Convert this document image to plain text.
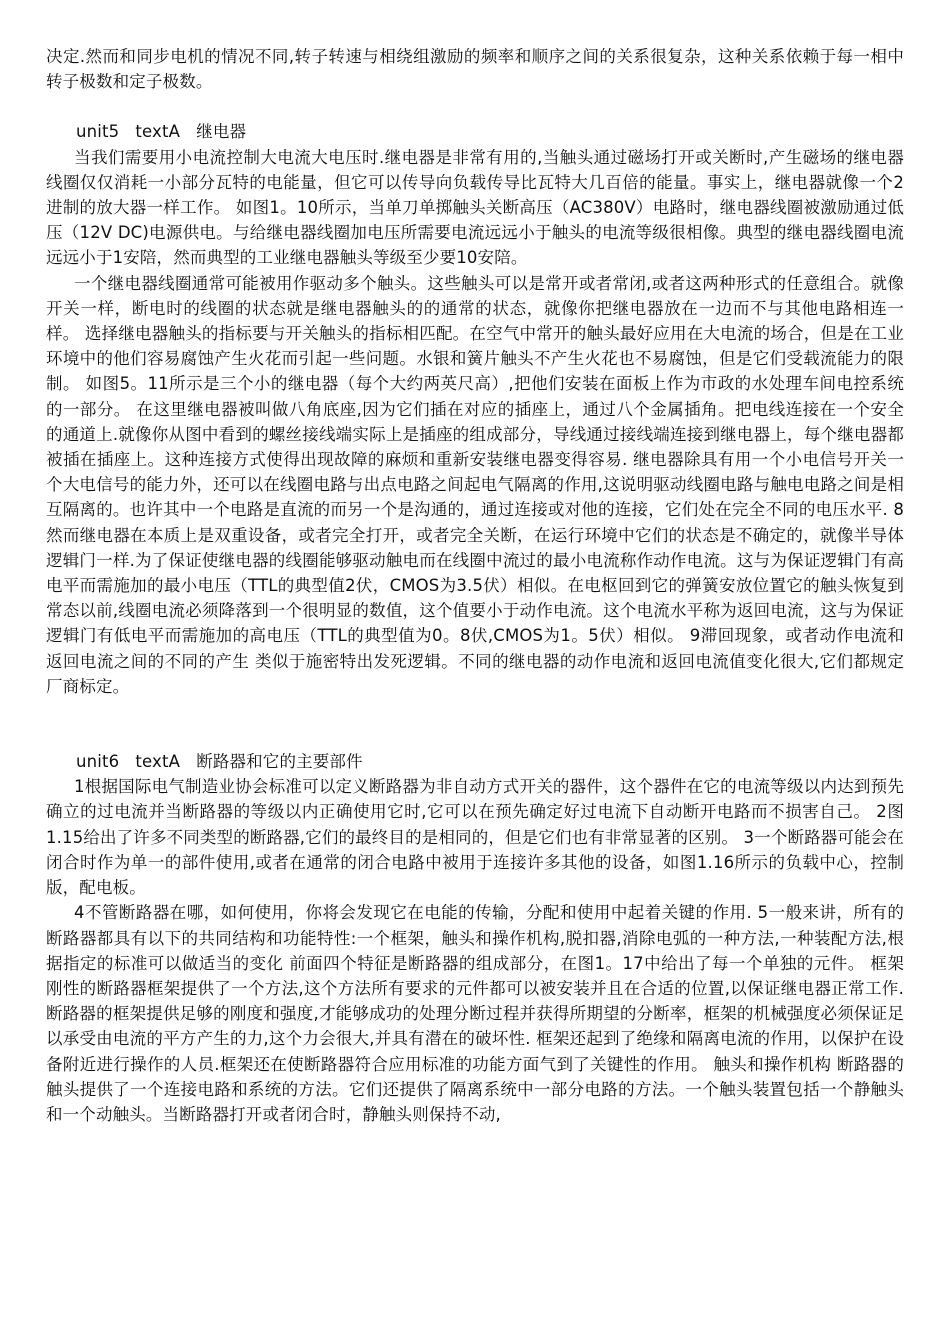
决定.然而和同步电机的情况不同,转子转速与相绕组激励的频率和顺序之间的关系很复杂，这种关系依赖于每一相中转子极数和定子极数。

unit5   textA   继电器

当我们需要用小电流控制大电流大电压时.继电器是非常有用的,当触头通过磁场打开或关断时,产生磁场的继电器线圈仅仅消耗一小部分瓦特的电能量，但它可以传导向负载传导比瓦特大几百倍的能量。事实上，继电器就像一个2进制的放大器一样工作。 如图1。10所示，当单刀单掷触头关断高压（AC380V）电路时，继电器线圈被激励通过低压（12V DC)电源供电。与给继电器线圈加电压所需要电流远远小于触头的电流等级很相像。典型的继电器线圈电流远远小于1安陪，然而典型的工业继电器触头等级至少要10安陪。

一个继电器线圈通常可能被用作驱动多个触头。这些触头可以是常开或者常闭,或者这两种形式的任意组合。就像开关一样，断电时的线圈的状态就是继电器触头的的通常的状态，就像你把继电器放在一边而不与其他电路相连一样。 选择继电器触头的指标要与开关触头的指标相匹配。在空气中常开的触头最好应用在大电流的场合，但是在工业环境中的他们容易腐蚀产生火花而引起一些问题。水银和簧片触头不产生火花也不易腐蚀，但是它们受载流能力的限制。 如图5。11所示是三个小的继电器（每个大约两英尺高）,把他们安装在面板上作为市政的水处理车间电控系统的一部分。 在这里继电器被叫做八角底座,因为它们插在对应的插座上，通过八个金属插角。把电线连接在一个安全的通道上.就像你从图中看到的螺丝接线端实际上是插座的组成部分，导线通过接线端连接到继电器上，每个继电器都被插在插座上。这种连接方式使得出现故障的麻烦和重新安装继电器变得容易. 继电器除具有用一个小电信号开关一个大电信号的能力外，还可以在线圈电路与出点电路之间起电气隔离的作用,这说明驱动线圈电路与触电电路之间是相互隔离的。也许其中一个电路是直流的而另一个是沟通的，通过连接或对他的连接，它们处在完全不同的电压水平. 8然而继电器在本质上是双重设备，或者完全打开，或者完全关断，在运行环境中它们的状态是不确定的，就像半导体逻辑门一样.为了保证使继电器的线圈能够驱动触电而在线圈中流过的最小电流称作动作电流。这与为保证逻辑门有高电平而需施加的最小电压（TTL的典型值2伏，CMOS为3.5伏）相似。在电枢回到它的弹簧安放位置它的触头恢复到常态以前,线圈电流必须降落到一个很明显的数值，这个值要小于动作电流。这个电流水平称为返回电流，这与为保证逻辑门有低电平而需施加的高电压（TTL的典型值为0。8伏,CMOS为1。5伏）相似。 9滞回现象，或者动作电流和返回电流之间的不同的产生 类似于施密特出发死逻辑。不同的继电器的动作电流和返回电流值变化很大,它们都规定厂商标定。

unit6   textA   断路器和它的主要部件

1根据国际电气制造业协会标准可以定义断路器为非自动方式开关的器件，这个器件在它的电流等级以内达到预先确立的过电流并当断路器的等级以内正确使用它时,它可以在预先确定好过电流下自动断开电路而不损害自己。 2图1.15给出了许多不同类型的断路器,它们的最终目的是相同的，但是它们也有非常显著的区别。 3一个断路器可能会在闭合时作为单一的部件使用,或者在通常的闭合电路中被用于连接许多其他的设备，如图1.16所示的负载中心，控制版，配电板。

4不管断路器在哪，如何使用，你将会发现它在电能的传输，分配和使用中起着关键的作用. 5一般来讲，所有的断路器都具有以下的共同结构和功能特性:一个框架，触头和操作机构,脱扣器,消除电弧的一种方法,一种装配方法,根据指定的标准可以做适当的变化 前面四个特征是断路器的组成部分，在图1。17中给出了每一个单独的元件。 框架 刚性的断路器框架提供了一个方法,这个方法所有要求的元件都可以被安装并且在合适的位置,以保证继电器正常工作. 断路器的框架提供足够的刚度和强度,才能够成功的处理分断过程并获得所期望的分断率，框架的机械强度必须保证足以承受由电流的平方产生的力,这个力会很大,并具有潜在的破坏性. 框架还起到了绝缘和隔离电流的作用，以保护在设备附近进行操作的人员.框架还在使断路器符合应用标准的功能方面气到了关键性的作用。 触头和操作机构 断路器的触头提供了一个连接电路和系统的方法。它们还提供了隔离系统中一部分电路的方法。一个触头装置包括一个静触头和一个动触头。当断路器打开或者闭合时，静触头则保持不动,
